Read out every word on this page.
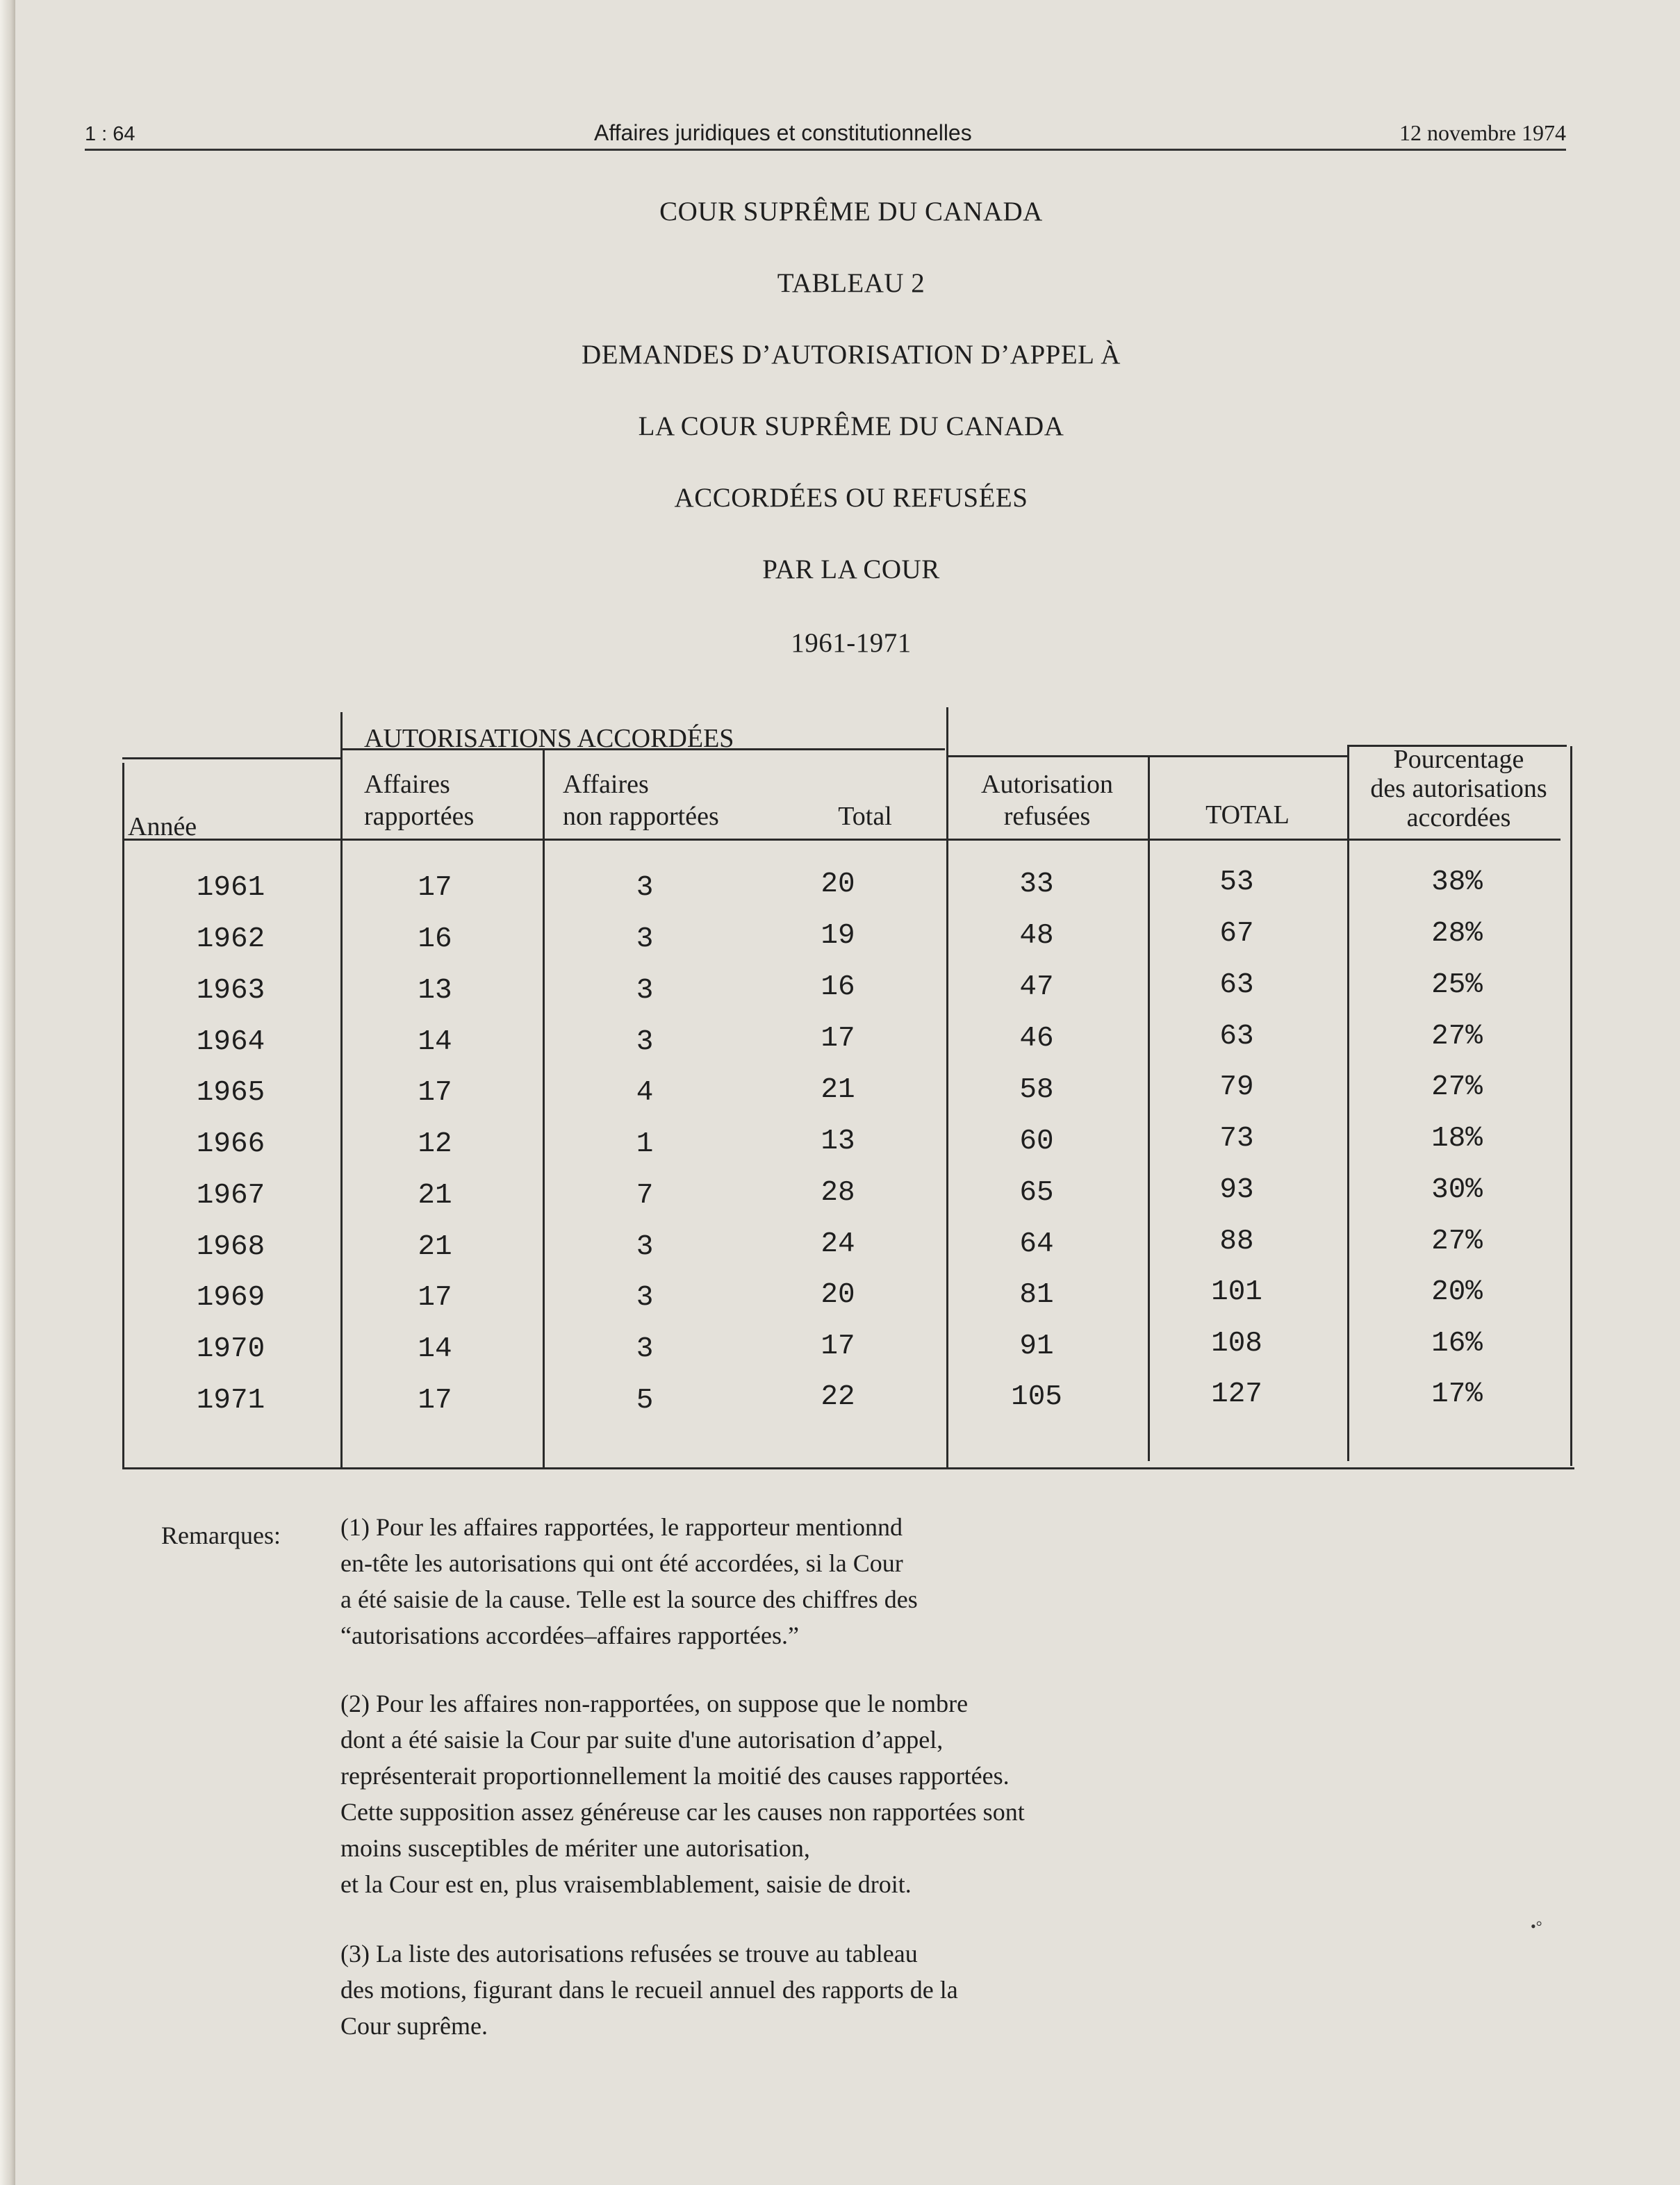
1 : 64	Affaires juridiques et constitutionnelles	12 novembre 1974
COUR SUPRÊME DU CANADA
TABLEAU 2
DEMANDES D’AUTORISATION D’APPEL À
LA COUR SUPRÊME DU CANADA
ACCORDÉES OU REFUSÉES
PAR LA COUR
1961-1971
AUTORISATIONS ACCORDÉES
Année
Affaires
rapportées
Affaires
non rapportées	Total
Autorisation
refusées	TOTAL
Pourcentage
des autorisations
accordées
1961	17	3	20	33	53	38%
1962	16	3	19	48	67	28%
1963	13	3	16	47	63	25%
1964	14	3	17	46	63	27%
1965	17	4	21	58	79	27%
1966	12	1	13	60	73	18%
1967	21	7	28	65	93	30%
1968	21	3	24	64	88	27%
1969	17	3	20	81	101	20%
1970	14	3	17	91	108	16%
1971	17	5	22	105	127	17%
Remarques: (1) Pour les affaires rapportées, le rapporteur mentionnd
en-tête les autorisations qui ont été accordées, si la Cour
a été saisie de la cause. Telle est la source des chiffres des
“autorisations accordées–affaires rapportées.”
(2) Pour les affaires non-rapportées, on suppose que le nombre
dont a été saisie la Cour par suite d'une autorisation d’appel,
représenterait proportionnellement la moitié des causes rapportées.
Cette supposition assez généreuse car les causes non rapportées sont
moins susceptibles de mériter une autorisation,
et la Cour est en, plus vraisemblablement, saisie de droit.
(3) La liste des autorisations refusées se trouve au tableau
des motions, figurant dans le recueil annuel des rapports de la
Cour suprême.
•°
